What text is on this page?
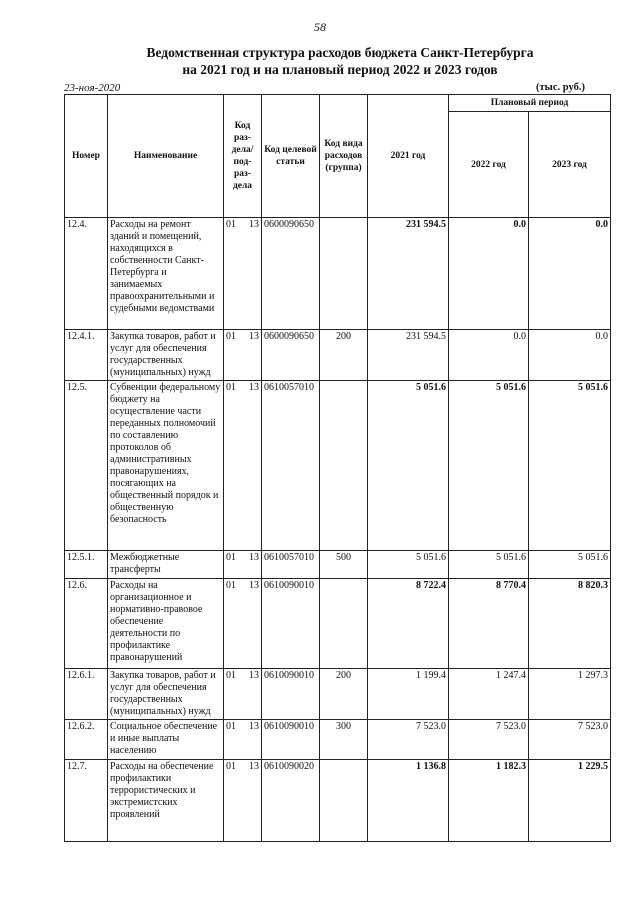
58
Ведомственная структура расходов бюджета Санкт-Петербурга
на 2021 год и на плановый период 2022 и 2023 годов
23-ноя-2020	(тыс. руб.)
Номер	Наименование	Код раз-дела/ под-раз-дела	Код целевой статьи	Код вида расходов (группа)	2021 год	Плановый период	
						2022 год	2023 год
12.4.	Расходы на ремонт зданий и помещений, находящихся в собственности Санкт-Петербурга и занимаемых правоохранительными и судебными ведомствами	01 13	0600090650		231 594.5	0.0	0.0
12.4.1.	Закупка товаров, работ и услуг для обеспечения государственных (муниципальных) нужд	01 13	0600090650	200	231 594.5	0.0	0.0
12.5.	Субвенции федеральному бюджету на осуществление части переданных полномочий по составлению протоколов об административных правонарушениях, посягающих на общественный порядок и общественную безопасность	01 13	0610057010		5 051.6	5 051.6	5 051.6
12.5.1.	Межбюджетные трансферты	01 13	0610057010	500	5 051.6	5 051.6	5 051.6
12.6.	Расходы на организационное и нормативно-правовое обеспечение деятельности по профилактике правонарушений	01 13	0610090010		8 722.4	8 770.4	8 820.3
12.6.1.	Закупка товаров, работ и услуг для обеспечения государственных (муниципальных) нужд	01 13	0610090010	200	1 199.4	1 247.4	1 297.3
12.6.2.	Социальное обеспечение и иные выплаты населению	01 13	0610090010	300	7 523.0	7 523.0	7 523.0
12.7.	Расходы на обеспечение профилактики террористических и экстремистских проявлений	01 13	0610090020		1 136.8	1 182.3	1 229.5
